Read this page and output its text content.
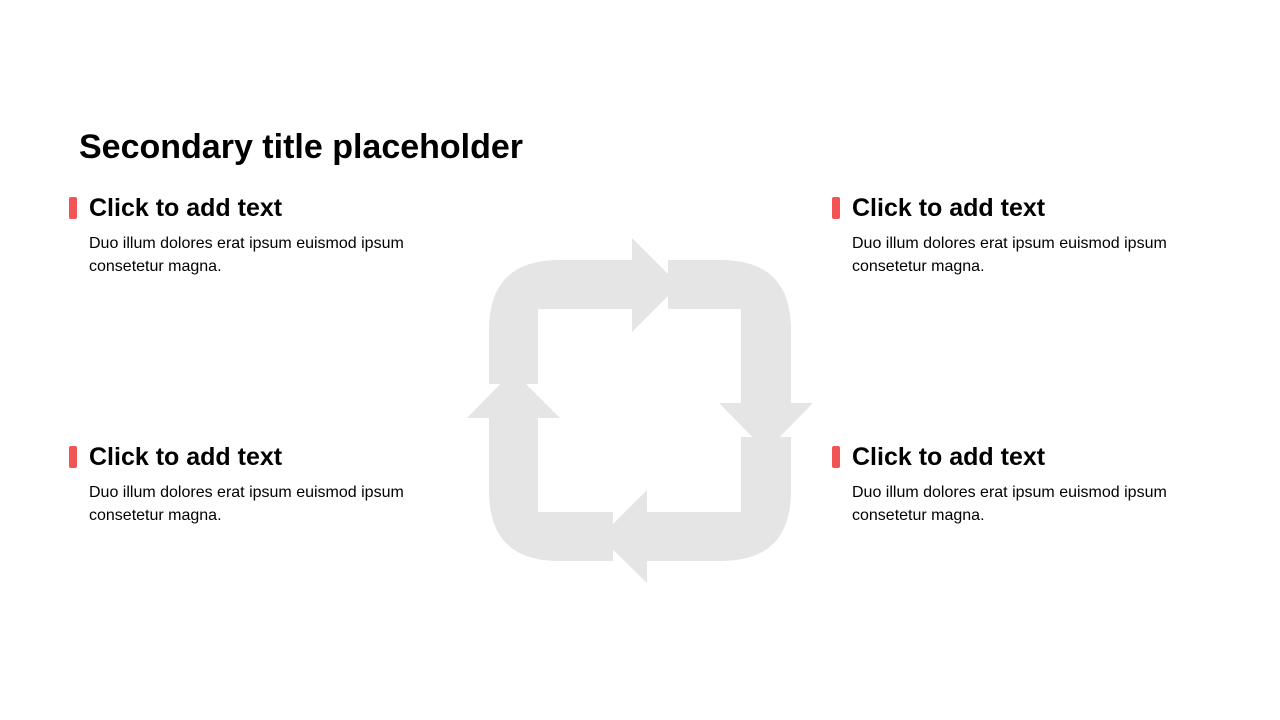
Secondary title placeholder
Click to add text
Duo illum dolores erat ipsum euismod ipsum consetetur magna.
Click to add text
Duo illum dolores erat ipsum euismod ipsum consetetur magna.
Click to add text
Duo illum dolores erat ipsum euismod ipsum consetetur magna.
Click to add text
Duo illum dolores erat ipsum euismod ipsum consetetur magna.
